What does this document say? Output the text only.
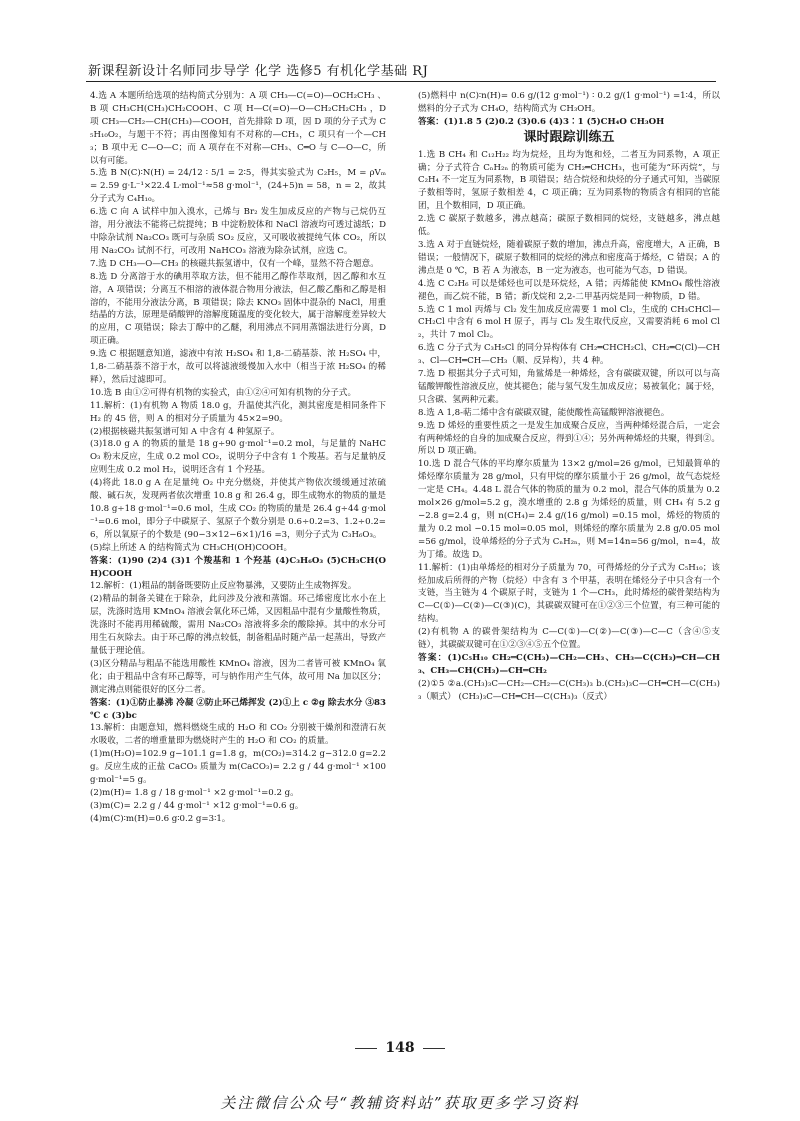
新课程新设计名师同步导学 化学 选修5 有机化学基础 RJ

4.选 A 本题所给选项的结构简式分别为：A 项 CH₃—C(=O)—OCH₂CH₃ 、B 项 CH₃CH(CH₃)CH₂COOH、C 项 H—C(=O)—O—CH₂CH₂CH₃ ，D 项 CH₃—CH₂—CH(CH₃)—COOH，首先排除 D 项，因 D 项的分子式为 C₅H₁₀O₂，与题干不符；再由图像知有不对称的—CH₃，C 项只有一个—CH₃；B 项中无 C—O—C；而 A 项存在不对称—CH₃、C═O 与 C—O—C，所以有可能。

5.选 B N(C)∶N(H) = 24/12 ∶ 5/1 = 2∶5，得其实验式为 C₂H₅，M = ρVₘ = 2.59 g·L⁻¹×22.4 L·mol⁻¹≈58 g·mol⁻¹，(24+5)n = 58，n = 2，故其分子式为 C₄H₁₀。

6.选 C 向 A 试样中加入溴水，己烯与 Br₂ 发生加成反应的产物与己烷仍互溶，用分液法不能将己烷提纯；B 中淀粉胶体和 NaCl 溶液均可透过滤纸；D 中除杂试剂 Na₂CO₃ 既可与杂质 SO₂ 反应，又可吸收被提纯气体 CO₂，所以用 Na₂CO₃ 试剂不行，可改用 NaHCO₃ 溶液为除杂试剂，应选 C。

7.选 D CH₃—O—CH₃ 的核磁共振氢谱中，仅有一个峰，显然不符合题意。

8.选 D 分离溶于水的碘用萃取方法，但不能用乙醇作萃取剂，因乙醇和水互溶，A 项错误；分离互不相溶的液体混合物用分液法，但乙酸乙酯和乙醇是相溶的，不能用分液法分离，B 项错误；除去 KNO₃ 固体中混杂的 NaCl，用重结晶的方法，原理是硝酸钾的溶解度随温度的变化较大，属于溶解度差异较大的应用，C 项错误；除去丁醇中的乙醚，利用沸点不同用蒸馏法进行分离，D 项正确。

9.选 C 根据题意知道，滤液中有浓 H₂SO₄ 和 1,8-二硝基萘、浓 H₂SO₄ 中，1,8-二硝基萘不溶于水，故可以将滤液缓慢加入水中（相当于浓 H₂SO₄ 的稀释），然后过滤即可。

10.选 B 由①②可得有机物的实验式，由①②④可知有机物的分子式。

11.解析：(1)有机物 A 物质 18.0 g，升温使其汽化，测其密度是相同条件下 H₂ 的 45 倍，则 A 的相对分子质量为 45×2=90。

(2)根据核磁共振氢谱可知 A 中含有 4 种氢原子。

(3)18.0 g A 的物质的量是 18 g÷90 g·mol⁻¹=0.2 mol，与足量的 NaHCO₃ 粉末反应，生成 0.2 mol CO₂，说明分子中含有 1 个羧基。若与足量钠反应则生成 0.2 mol H₂，说明还含有 1 个羟基。

(4)将此 18.0 g A 在足量纯 O₂ 中充分燃烧，并使其产物依次缓缓通过浓硫酸、碱石灰，发现两者依次增重 10.8 g 和 26.4 g，即生成物水的物质的量是 10.8 g÷18 g·mol⁻¹=0.6 mol，生成 CO₂ 的物质的量是 26.4 g÷44 g·mol⁻¹=0.6 mol，即分子中碳原子、氢原子个数分别是 0.6÷0.2=3、1.2÷0.2=6，所以氧原子的个数是 (90−3×12−6×1)/16 =3，则分子式为 C₃H₆O₃。

(5)综上所述 A 的结构简式为 CH₃CH(OH)COOH。

答案：(1)90 (2)4 (3)1 个羧基和 1 个羟基 (4)C₃H₆O₃ (5)CH₃CH(OH)COOH

12.解析：(1)粗品的制备既要防止反应物暴沸，又要防止生成物挥发。

(2)精品的制备关键在于除杂，此问涉及分液和蒸馏。环己烯密度比水小在上层，洗涤时选用 KMnO₄ 溶液会氧化环己烯，又因粗品中混有少量酸性物质，洗涤时不能再用稀硫酸，需用 Na₂CO₃ 溶液将多余的酸除掉。其中的水分可用生石灰除去。由于环己醇的沸点较低，制备粗品时随产品一起蒸出，导致产量低于理论值。

(3)区分精品与粗品不能选用酸性 KMnO₄ 溶液，因为二者皆可被 KMnO₄ 氧化；由于粗品中含有环己醇等，可与钠作用产生气体，故可用 Na 加以区分；测定沸点则能很好的区分二者。

答案：(1)①防止暴沸 冷凝 ②防止环己烯挥发 (2)①上 c ②g 除去水分 ③83 ℃ c (3)bc

13.解析：由题意知，燃料燃烧生成的 H₂O 和 CO₂ 分别被干燥剂和澄清石灰水吸收，二者的增重量即为燃烧时产生的 H₂O 和 CO₂ 的质量。

(1)m(H₂O)=102.9 g−101.1 g=1.8 g，m(CO₂)=314.2 g−312.0 g=2.2 g。反应生成的正盐 CaCO₃ 质量为 m(CaCO₃)= 2.2 g / 44 g·mol⁻¹ ×100 g·mol⁻¹=5 g。

(2)m(H)= 1.8 g / 18 g·mol⁻¹ ×2 g·mol⁻¹=0.2 g。

(3)m(C)= 2.2 g / 44 g·mol⁻¹ ×12 g·mol⁻¹=0.6 g。

(4)m(C)∶m(H)=0.6 g∶0.2 g=3∶1。

(5)燃料中 n(C)∶n(H)= 0.6 g/(12 g·mol⁻¹) ∶ 0.2 g/(1 g·mol⁻¹) =1∶4，所以燃料的分子式为 CH₄O，结构简式为 CH₃OH。

答案：(1)1.8 5 (2)0.2 (3)0.6 (4)3∶1 (5)CH₄O CH₃OH

课时跟踪训练五

1.选 B CH₄ 和 C₁₂H₂₂ 均为烷烃，且均为饱和烃，二者互为同系物，A 项正确；分子式符合 CₙH₂ₙ 的物质可能为 CH₂═CHCH₃，也可能为“环丙烷”，与 C₂H₄ 不一定互为同系物，B 项错误；结合烷烃和炔烃的分子通式可知，当碳原子数相等时，氢原子数相差 4，C 项正确；互为同系物的物质含有相同的官能团，且个数相同，D 项正确。

2.选 C 碳原子数越多，沸点越高；碳原子数相同的烷烃，支链越多，沸点越低。

3.选 A 对于直链烷烃，随着碳原子数的增加，沸点升高，密度增大，A 正确，B 错误；一般情况下，碳原子数相同的烷烃的沸点和密度高于烯烃，C 错误；A 的沸点是 0 ℃，B 若 A 为液态，B 一定为液态，也可能为气态，D 错误。

4.选 C C₂H₆ 可以是烯烃也可以是环烷烃，A 错；丙烯能使 KMnO₄ 酸性溶液褪色，而乙烷不能，B 错；新戊烷和 2,2-二甲基丙烷是同一种物质，D 错。

5.选 C 1 mol 丙烯与 Cl₂ 发生加成反应需要 1 mol Cl₂，生成的 CH₃CHCl—CH₂Cl 中含有 6 mol H 原子，再与 Cl₂ 发生取代反应，又需要消耗 6 mol Cl₂，共计 7 mol Cl₂。

6.选 C 分子式为 C₃H₅Cl 的同分异构体有 CH₂═CHCH₂Cl、CH₂═C(Cl)—CH₃、Cl—CH═CH—CH₃（顺、反异构），共 4 种。

7.选 D 根据其分子式可知，角鲨烯是一种烯烃，含有碳碳双键，所以可以与高锰酸钾酸性溶液反应，使其褪色；能与氢气发生加成反应；易被氧化；属于烃，只含碳、氢两种元素。

8.选 A 1,8-萜二烯中含有碳碳双键，能使酸性高锰酸钾溶液褪色。

9.选 D 烯烃的重要性质之一是发生加成聚合反应，当两种烯烃混合后，一定会有两种烯烃的自身的加成聚合反应，得到①④；另外两种烯烃的共聚，得到②。所以 D 项正确。

10.选 D 混合气体的平均摩尔质量为 13×2 g/mol=26 g/mol，已知最简单的烯烃摩尔质量为 28 g/mol，只有甲烷的摩尔质量小于 26 g/mol，故气态烷烃一定是 CH₄。4.48 L 混合气体的物质的量为 0.2 mol，混合气体的质量为 0.2 mol×26 g/mol=5.2 g，溴水增重的 2.8 g 为烯烃的质量，则 CH₄ 有 5.2 g−2.8 g=2.4 g，则 n(CH₄)= 2.4 g/(16 g/mol) =0.15 mol，烯烃的物质的量为 0.2 mol −0.15 mol=0.05 mol，则烯烃的摩尔质量为 2.8 g/0.05 mol =56 g/mol，设单烯烃的分子式为 CₙH₂ₙ，则 M=14n=56 g/mol，n=4，故为丁烯。故选 D。

11.解析：(1)由单烯烃的相对分子质量为 70，可得烯烃的分子式为 C₅H₁₀；该烃加成后所得的产物（烷烃）中含有 3 个甲基，表明在烯烃分子中只含有一个支链，当主链为 4 个碳原子时，支链为 1 个—CH₃，此时烯烃的碳骨架结构为 C—C(①)—C(②)—C(③)(C)，其碳碳双键可在①②③三个位置，有三种可能的结构。

(2)有机物 A 的碳骨架结构为 C—C(①)—C(②)—C(③)—C—C（含④⑤支链），其碳碳双键可在①②③④⑤五个位置。

答案：(1)C₅H₁₀ CH₂═C(CH₃)—CH₂—CH₃、CH₃—C(CH₃)═CH—CH₃、CH₃—CH(CH₃)—CH═CH₂

(2)①5 ②a.(CH₃)₃C—CH₂—CH₂—C(CH₃)₃ b.(CH₃)₃C—CH═CH—C(CH₃)₃（顺式） (CH₃)₃C—CH═CH—C(CH₃)₃（反式）

148
关注微信公众号“教辅资料站”获取更多学习资料
